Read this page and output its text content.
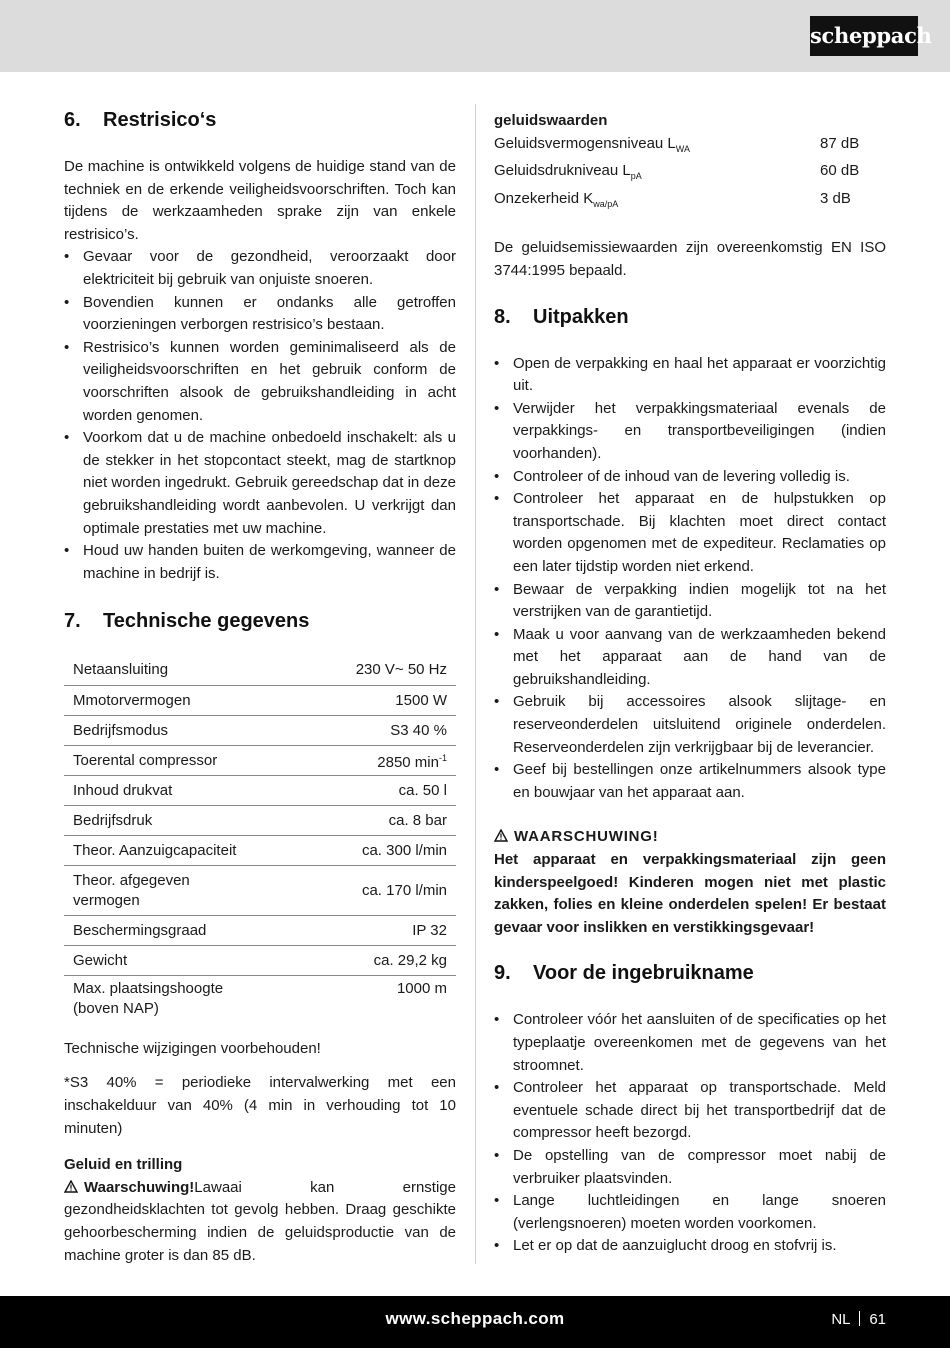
scheppach
6.	Restrisico‘s

De machine is ontwikkeld volgens de huidige stand van de techniek en de erkende veiligheidsvoorschriften. Toch kan tijdens de werkzaamheden sprake zijn van enkele restrisico’s.

• Gevaar voor de gezondheid, veroorzaakt door elektriciteit bij gebruik van onjuiste snoeren.
• Bovendien kunnen er ondanks alle getroffen voorzieningen verborgen restrisico’s bestaan.
• Restrisico’s kunnen worden geminimaliseerd als de veiligheidsvoorschriften en het gebruik conform de voorschriften alsook de gebruikshandleiding in acht worden genomen.
• Voorkom dat u de machine onbedoeld inschakelt: als u de stekker in het stopcontact steekt, mag de startknop niet worden ingedrukt. Gebruik gereedschap dat in deze gebruikshandleiding wordt aanbevolen. U verkrijgt dan optimale prestaties met uw machine.
• Houd uw handen buiten de werkomgeving, wanneer de machine in bedrijf is.
7.	Technische gegevens
Netaansluiting	230 V~ 50 Hz
Mmotorvermogen	1500 W
Bedrijfsmodus	S3 40 %
Toerental compressor	2850 $\min^{-1}$
Inhoud drukvat	ca. 50 l
Bedrijfsdruk	ca. 8 bar
Theor. Aanzuigcapaciteit	ca. 300 l/min
Theor. afgegeven vermogen	ca. 170 l/min
Beschermingsgraad	IP 32
Gewicht	ca. 29,2 kg
Max. plaatsingshoogte (boven NAP)	1000 m

Technische wijzigingen voorbehouden!

*S3 40% = periodieke intervalwerking met een inschakelduur van 40% (4 min in verhouding tot 10 minuten)

Geluid en trilling

Waarschuwing!Lawaai kan ernstige gezondheidsklachten tot gevolg hebben. Draag geschikte gehoorbescherming indien de geluidsproductie van de machine groter is dan 85 dB.

geluidswaarden

Geluidsvermogensniveau $L_{WA}$	87 dB
Geluidsdrukniveau $L_{pA}$	60 dB
Onzekerheid $K_{wa/pA}$	3 dB

De geluidsemissiewaarden zijn overeenkomstig EN ISO 3744:1995 bepaald.

8.	Uitpakken
• Open de verpakking en haal het apparaat er voorzichtig uit.
• Verwijder het verpakkingsmateriaal evenals de verpakkings- en transportbeveiligingen (indien voorhanden).
• Controleer of de inhoud van de levering volledig is.
• Controleer het apparaat en de hulpstukken op transportschade. Bij klachten moet direct contact worden opgenomen met de expediteur. Reclamaties op een later tijdstip worden niet erkend.
• Bewaar de verpakking indien mogelijk tot na het verstrijken van de garantietijd.
• Maak u voor aanvang van de werkzaamheden bekend met het apparaat aan de hand van de gebruikshandleiding.
• Gebruik bij accessoires alsook slijtage- en reserveonderdelen uitsluitend originele onderdelen. Reserveonderdelen zijn verkrijgbaar bij de leverancier.
• Geef bij bestellingen onze artikelnummers alsook type en bouwjaar van het apparaat aan.

WAARSCHUWING!

Het apparaat en verpakkingsmateriaal zijn geen kinderspeelgoed! Kinderen mogen niet met plastic zakken, folies en kleine onderdelen spelen! Er bestaat gevaar voor inslikken en verstikkingsgevaar!

9.	Voor de ingebruikname
• Controleer vóór het aansluiten of de specificaties op het typeplaatje overeenkomen met de gegevens van het stroomnet.
• Controleer het apparaat op transportschade. Meld eventuele schade direct bij het transportbedrijf dat de compressor heeft bezorgd.
• De opstelling van de compressor moet nabij de verbruiker plaatsvinden.
• Lange luchtleidingen en lange snoeren (verlengsnoeren) moeten worden voorkomen.
• Let er op dat de aanzuiglucht droog en stofvrij is.
www.scheppach.com	NL 61
